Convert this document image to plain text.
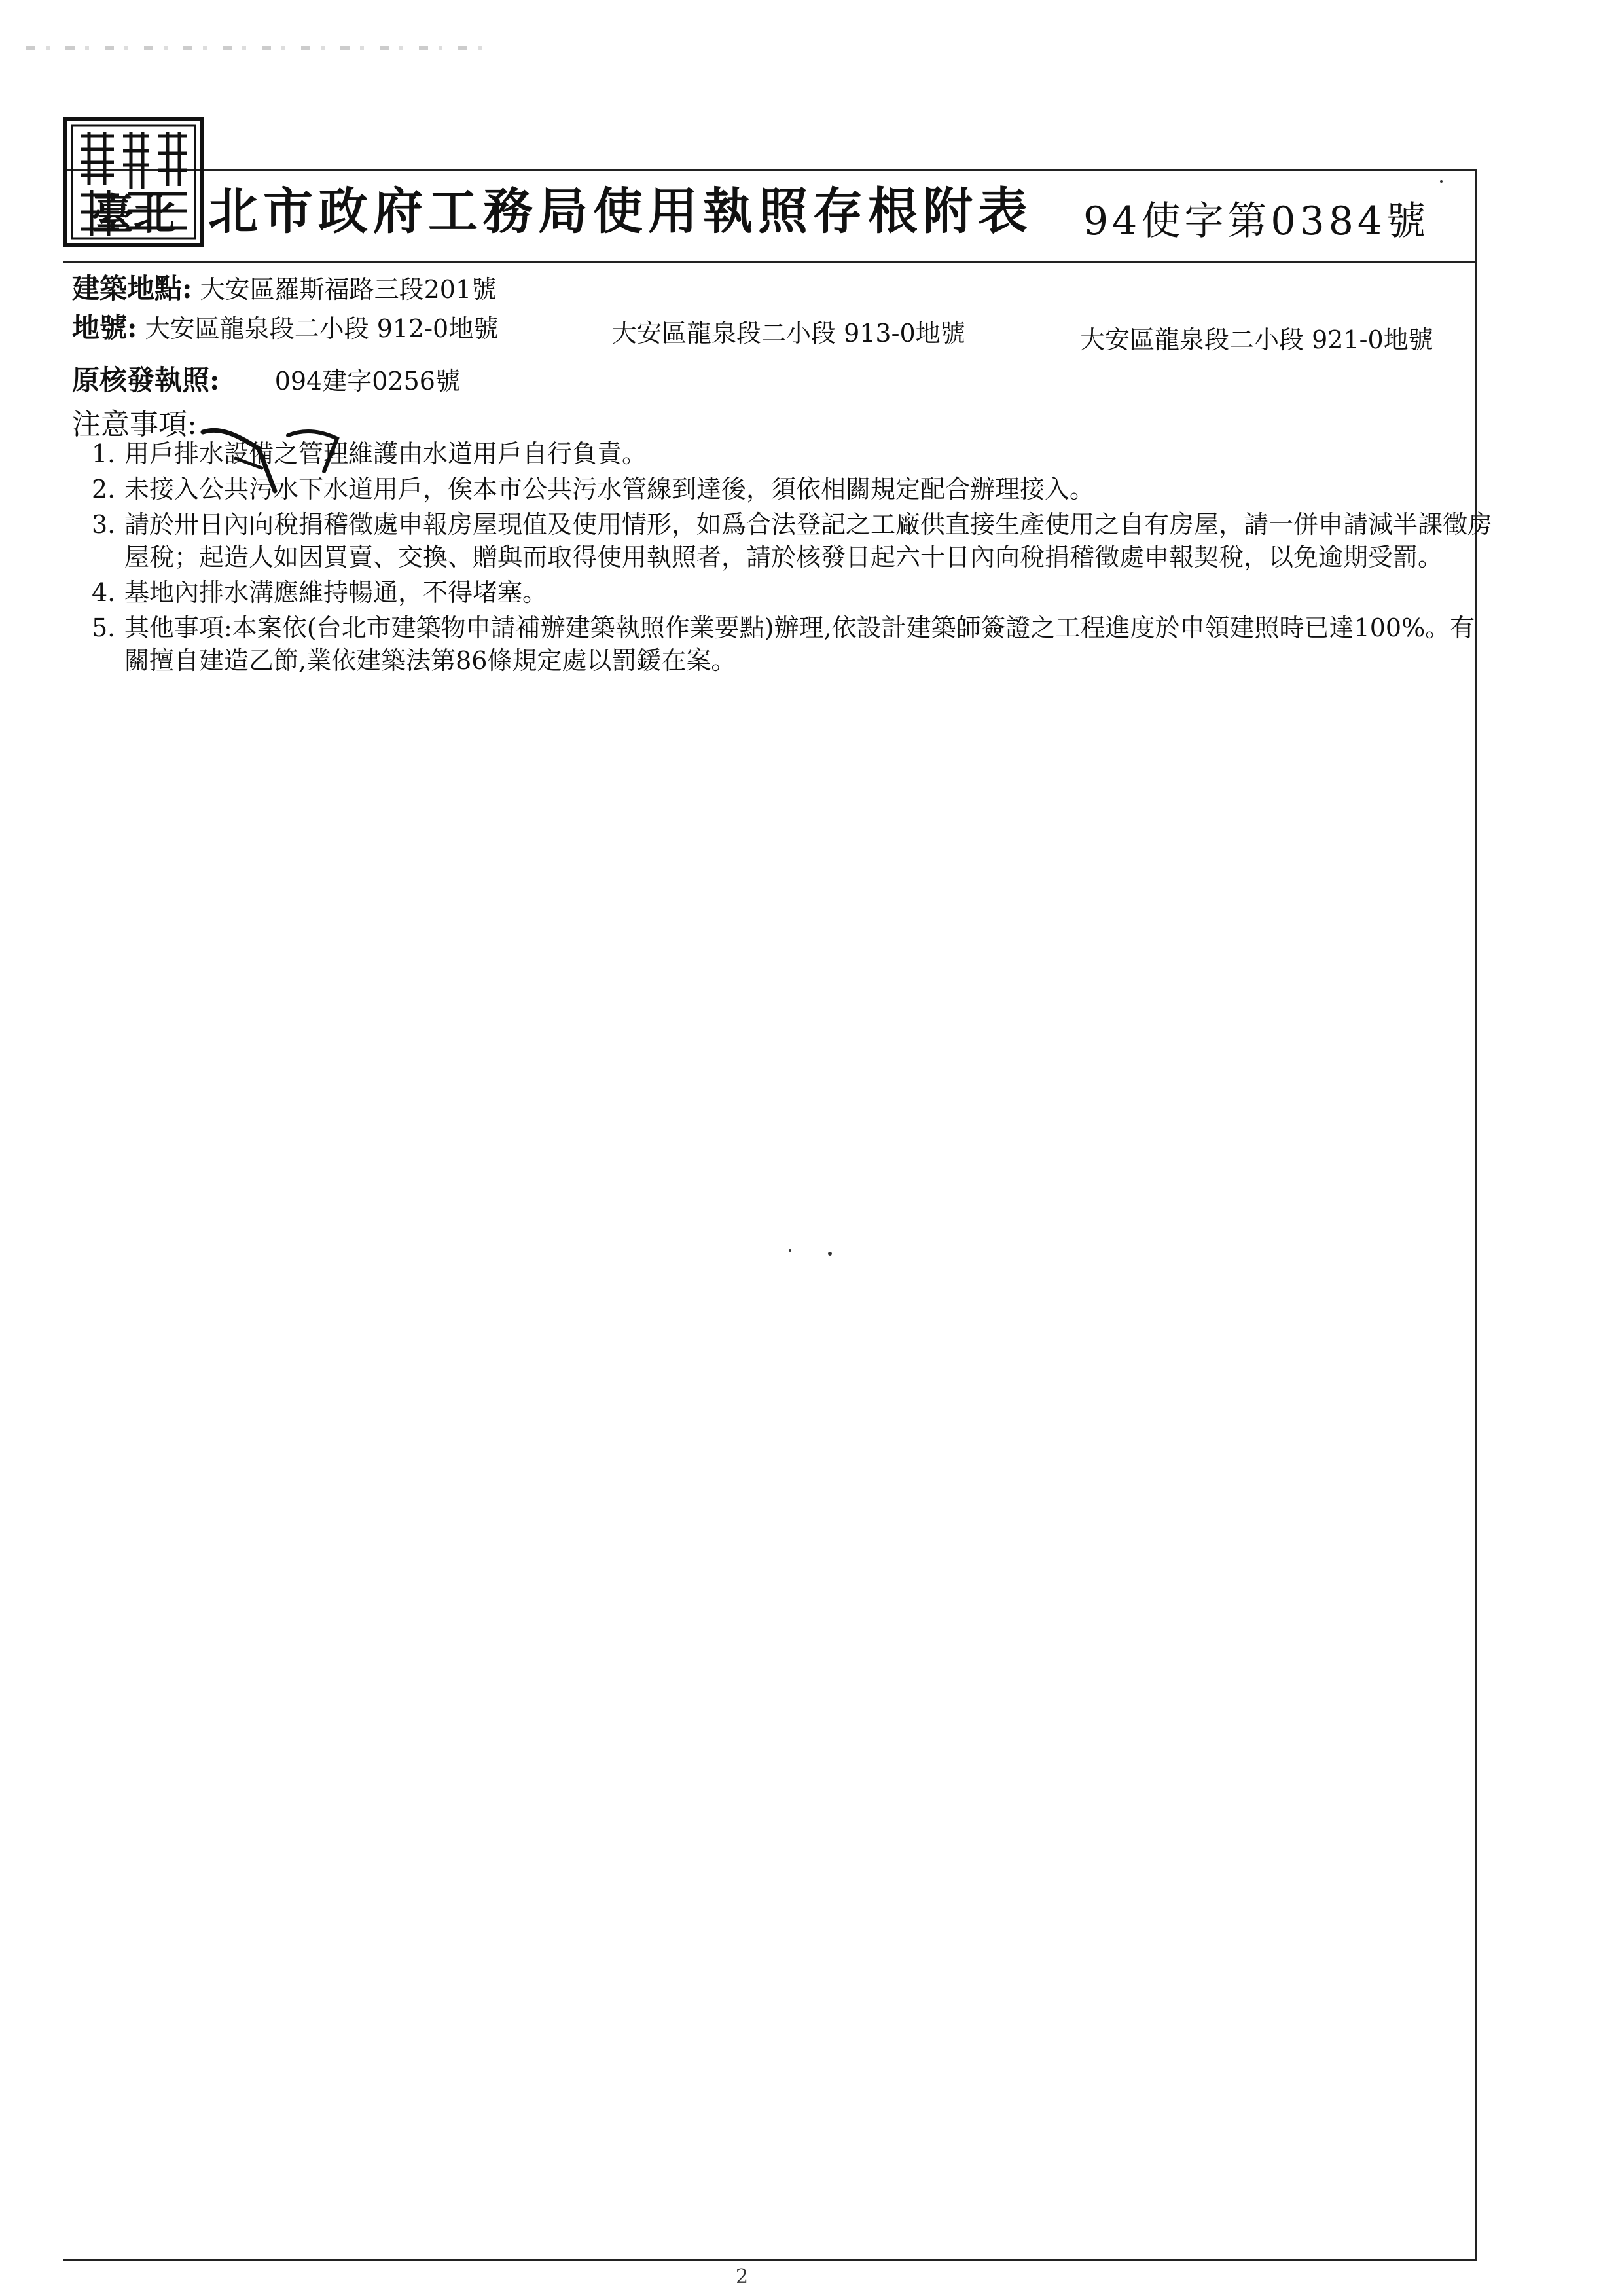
臺北 北市政府工務局使用執照存根附表 94使字第0384號
建築地點: 大安區羅斯福路三段201號
地號: 大安區龍泉段二小段 912-0地號	大安區龍泉段二小段 913-0地號	大安區龍泉段二小段 921-0地號
原核發執照: 094建字0256號
注意事項:
1. 用戶排水設備之管理維護由水道用戶自行負責。
2. 未接入公共污水下水道用戶，俟本市公共污水管線到達後，須依相關規定配合辦理接入。
3. 請於卅日內向稅捐稽徵處申報房屋現值及使用情形，如爲合法登記之工廠供直接生產使用之自有房屋，請一併申請減半課徵房屋稅；起造人如因買賣、交換、贈與而取得使用執照者，請於核發日起六十日內向稅捐稽徵處申報契稅，以免逾期受罰。
4. 基地內排水溝應維持暢通，不得堵塞。
5. 其他事項:本案依(台北市建築物申請補辦建築執照作業要點)辦理,依設計建築師簽證之工程進度於申領建照時已達100%。有關擅自建造乙節,業依建築法第86條規定處以罰鍰在案。
2
